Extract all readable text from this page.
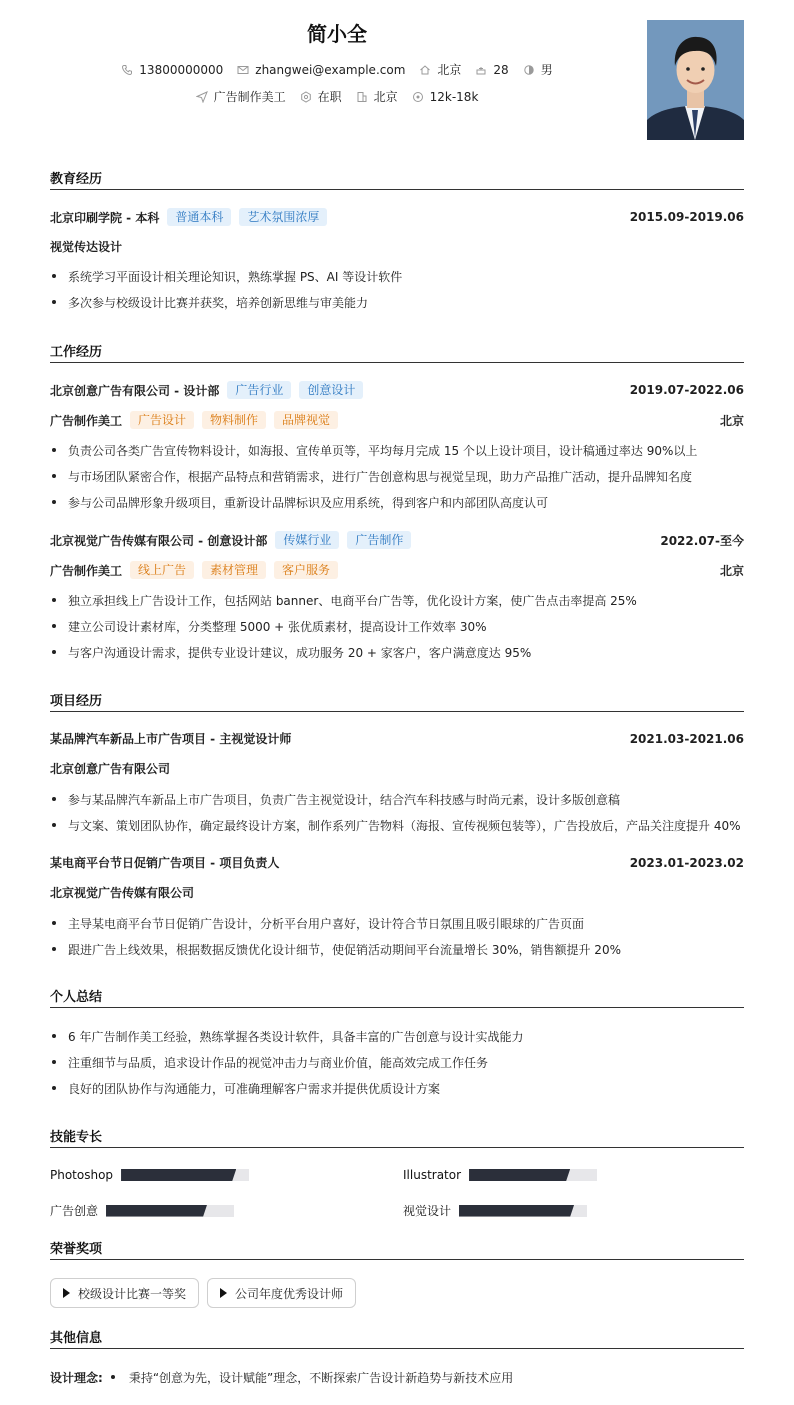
简小全
13800000000	zhangwei@example.com	北京	28	男
广告制作美工	在职	北京	12k-18k
教育经历
北京印刷学院 - 本科	普通本科	艺术氛围浓厚	2015.09-2019.06
视觉传达设计
系统学习平面设计相关理论知识，熟练掌握 PS、AI 等设计软件
多次参与校级设计比赛并获奖，培养创新思维与审美能力
工作经历
北京创意广告有限公司 - 设计部	广告行业	创意设计	2019.07-2022.06
广告制作美工	广告设计	物料制作	品牌视觉	北京
负责公司各类广告宣传物料设计，如海报、宣传单页等，平均每月完成 15 个以上设计项目，设计稿通过率达 90%以上
与市场团队紧密合作，根据产品特点和营销需求，进行广告创意构思与视觉呈现，助力产品推广活动，提升品牌知名度
参与公司品牌形象升级项目，重新设计品牌标识及应用系统，得到客户和内部团队高度认可
北京视觉广告传媒有限公司 - 创意设计部	传媒行业	广告制作	2022.07-至今
广告制作美工	线上广告	素材管理	客户服务	北京
独立承担线上广告设计工作，包括网站 banner、电商平台广告等，优化设计方案，使广告点击率提高 25%
建立公司设计素材库，分类整理 5000 + 张优质素材，提高设计工作效率 30%
与客户沟通设计需求，提供专业设计建议，成功服务 20 + 家客户，客户满意度达 95%
项目经历
某品牌汽车新品上市广告项目 - 主视觉设计师	2021.03-2021.06
北京创意广告有限公司
参与某品牌汽车新品上市广告项目，负责广告主视觉设计，结合汽车科技感与时尚元素，设计多版创意稿
与文案、策划团队协作，确定最终设计方案，制作系列广告物料（海报、宣传视频包装等），广告投放后，产品关注度提升 40%
某电商平台节日促销广告项目 - 项目负责人	2023.01-2023.02
北京视觉广告传媒有限公司
主导某电商平台节日促销广告设计，分析平台用户喜好，设计符合节日氛围且吸引眼球的广告页面
跟进广告上线效果，根据数据反馈优化设计细节，使促销活动期间平台流量增长 30%，销售额提升 20%
个人总结
6 年广告制作美工经验，熟练掌握各类设计软件，具备丰富的广告创意与设计实战能力
注重细节与品质，追求设计作品的视觉冲击力与商业价值，能高效完成工作任务
良好的团队协作与沟通能力，可准确理解客户需求并提供优质设计方案
技能专长
Photoshop	Illustrator
广告创意	视觉设计
荣誉奖项
校级设计比赛一等奖	公司年度优秀设计师
其他信息
设计理念:	秉持“创意为先，设计赋能”理念，不断探索广告设计新趋势与新技术应用
